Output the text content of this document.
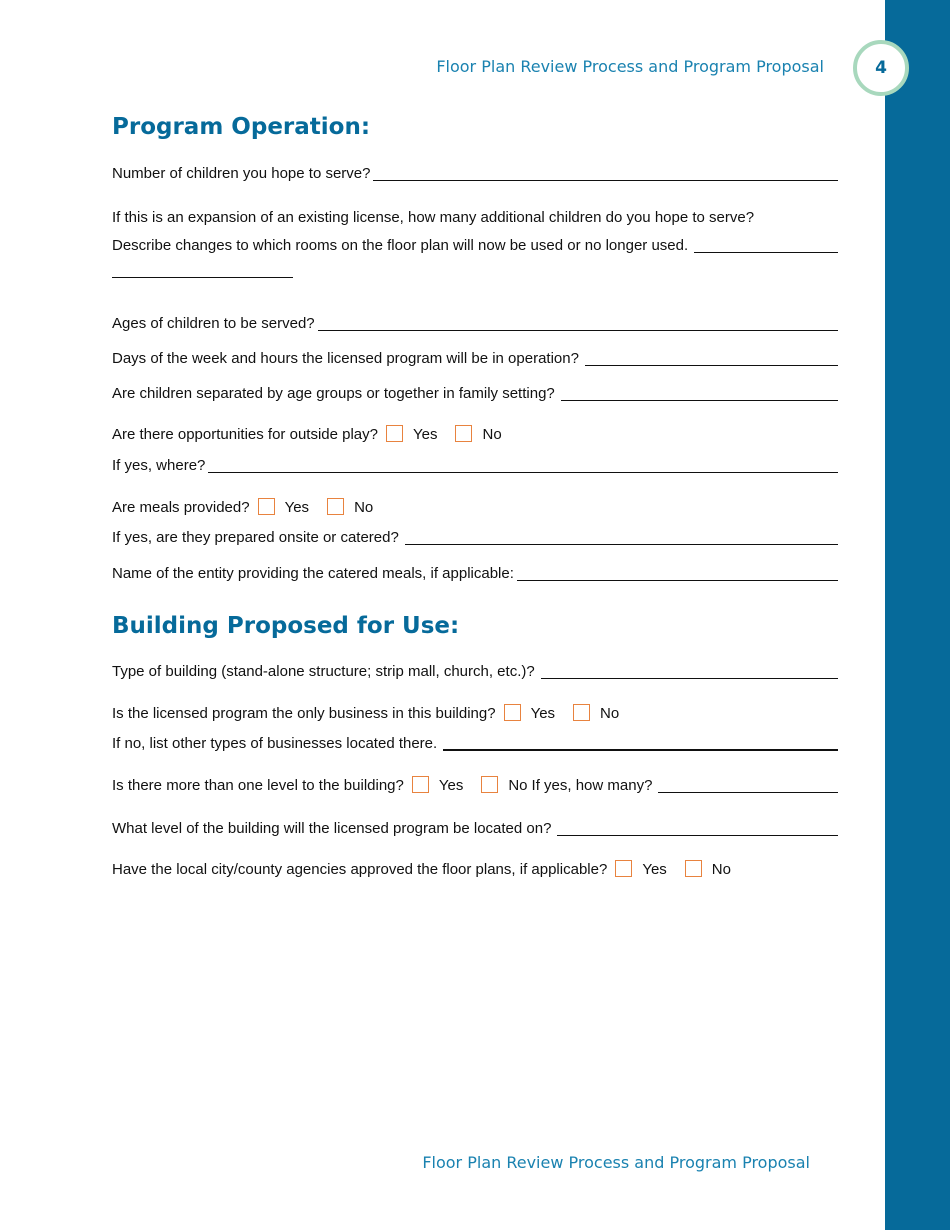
4
Floor Plan Review Process and Program Proposal
Program Operation:
Number of children you hope to serve?
If this is an expansion of an existing license, how many additional children do you hope to serve?
Describe changes to which rooms on the floor plan will now be used or no longer used.
Ages of children to be served?
Days of the week and hours the licensed program will be in operation?
Are children separated by age groups or together in family setting?
Are there opportunities for outside play? Yes	No
If yes, where?
Are meals provided? Yes	No
If yes, are they prepared onsite or catered?
Name of the entity providing the catered meals, if applicable:
Building Proposed for Use:
Type of building (stand-alone structure; strip mall, church, etc.)?
Is the licensed program the only business in this building? Yes	No
If no, list other types of businesses located there.
Is there more than one level to the building? Yes	No If yes, how many?
What level of the building will the licensed program be located on?
Have the local city/county agencies approved the floor plans, if applicable? Yes	No
Floor Plan Review Process and Program Proposal
